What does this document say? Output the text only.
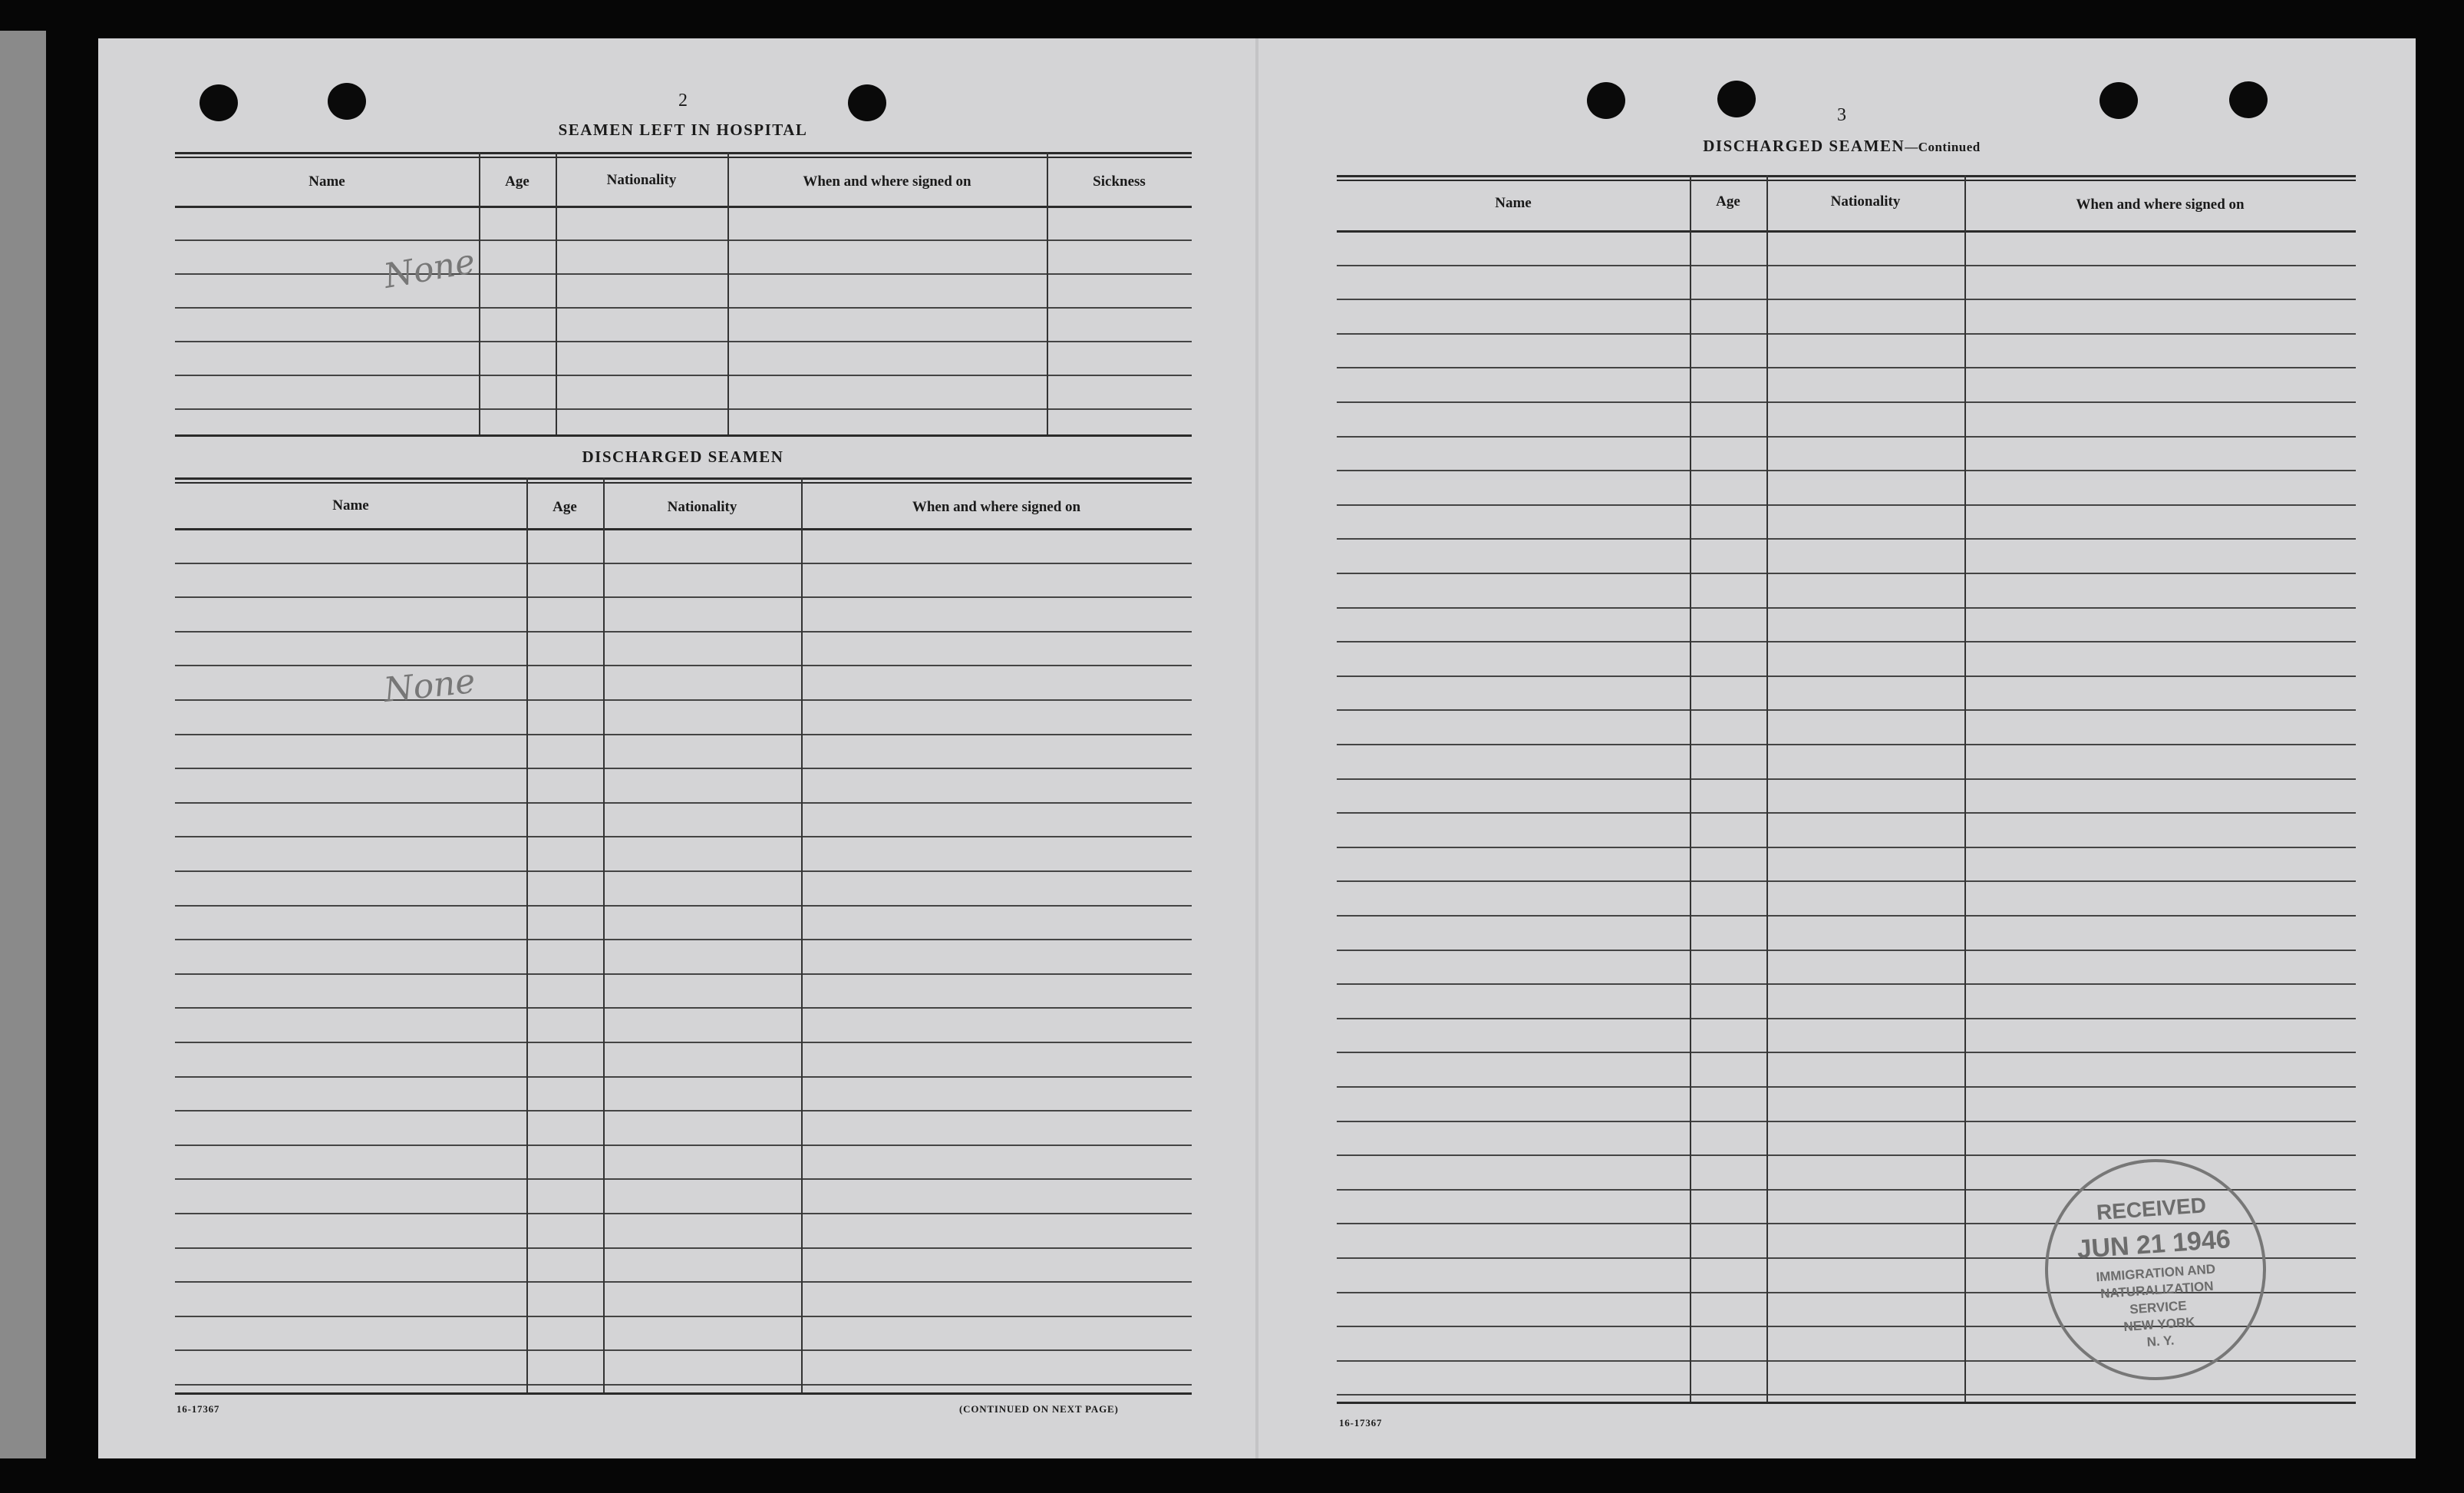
2
SEAMEN LEFT IN HOSPITAL
Name	Age	Nationality	When and where signed on	Sickness
None
DISCHARGED SEAMEN
Name	Age	Nationality	When and where signed on
None
16-17367	(CONTINUED ON NEXT PAGE)
3
DISCHARGED SEAMEN—Continued
Name	Age	Nationality	When and where signed on
16-17367
RECEIVED
JUN 21 1946
IMMIGRATION AND
NATURALIZATION
SERVICE
NEW YORK
N. Y.
